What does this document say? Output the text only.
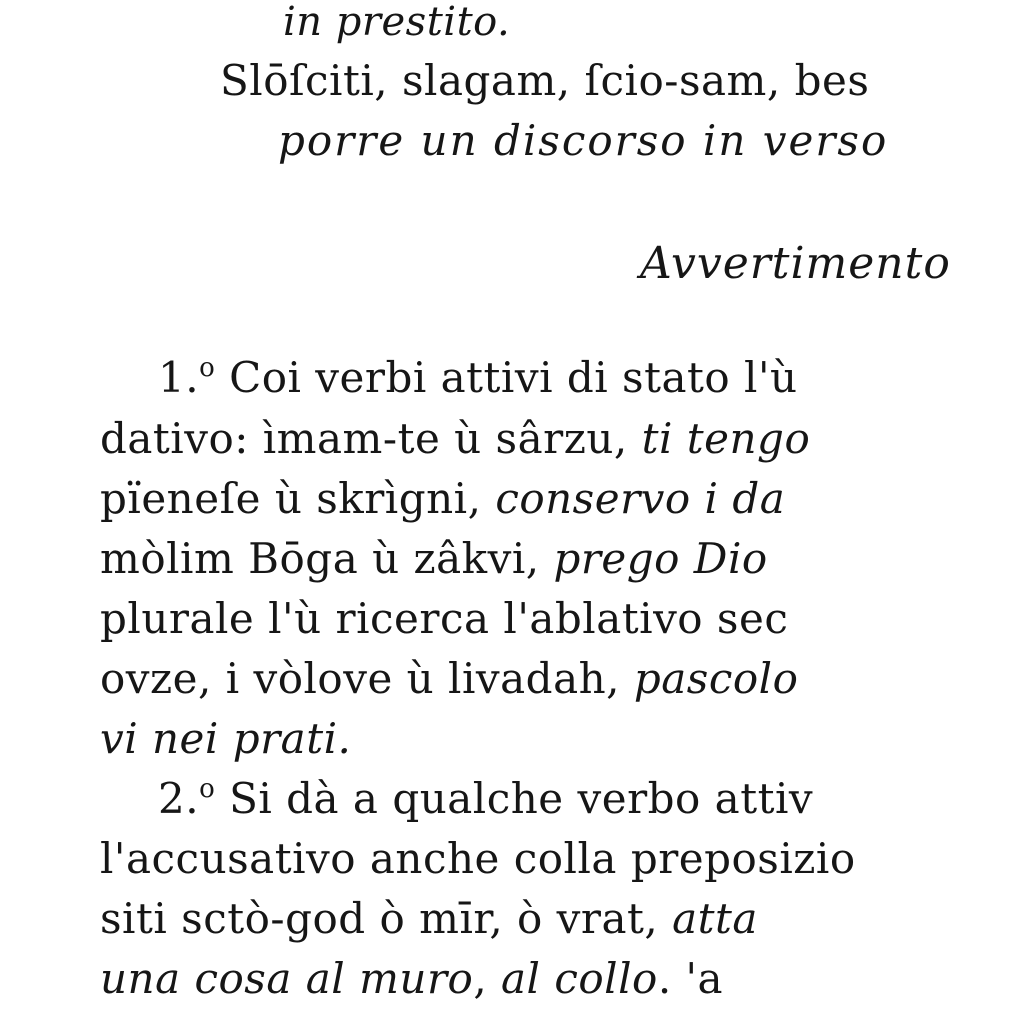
in prestito.
Slōſciti, slagam, ſcio-sam, bes
porre un discorso in verso
Avvertimento
1.$^o$ Coi verbi attivi di stato l'ù
dativo: ìmam-te ù sârzu, ti tengo
pïeneſe ù skrìgni, conservo i da
mòlim Bōga ù zâkvi, prego Dio
plurale l'ù ricerca l'ablativo sec
ovze, i vòlove ù livadah, pascolo
vi nei prati.
2.$^o$ Si dà a qualche verbo attiv
l'accusativo anche colla preposizio
siti sctò-god ò mīr, ò vrat, atta
una cosa al muro, al collo. 'a
